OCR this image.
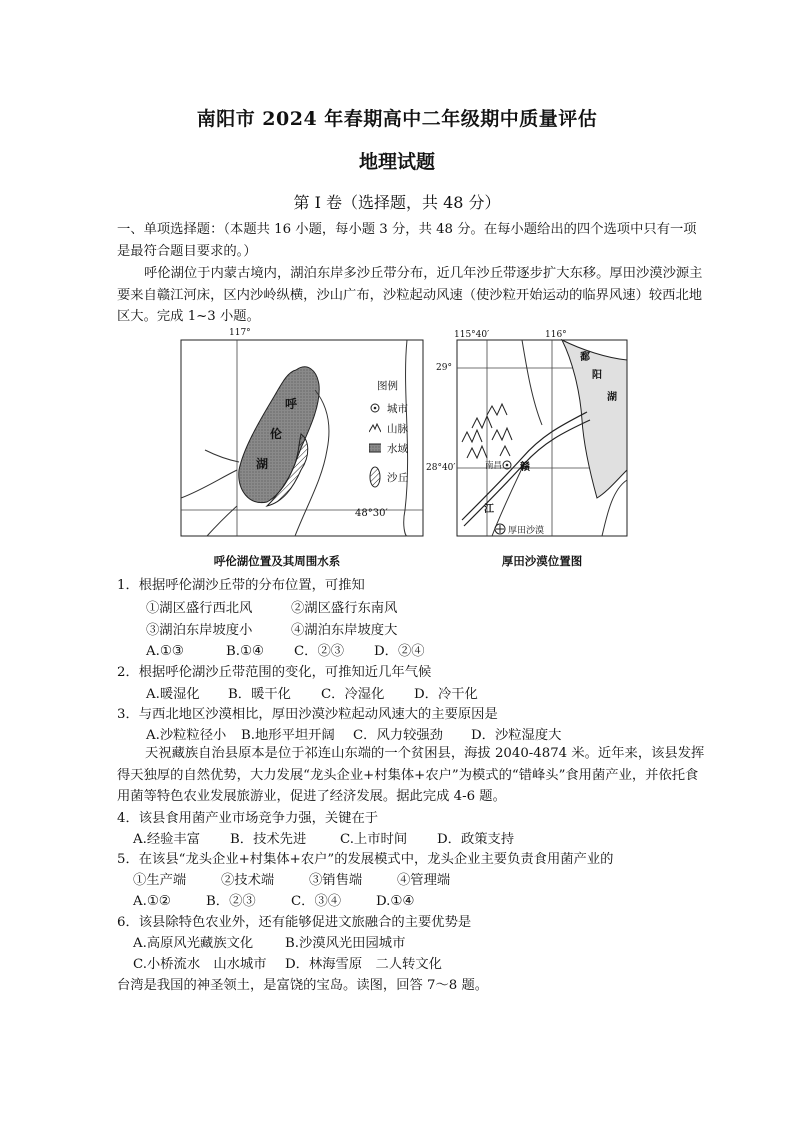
南阳市 2024 年春期高中二年级期中质量评估
地理试题
第 I 卷（选择题，共 48 分）
一、单项选择题：（本题共 16 小题，每小题 3 分，共 48 分。在每小题给出的四个选项中只有一项是最符合题目要求的。）
呼伦湖位于内蒙古境内，湖泊东岸多沙丘带分布，近几年沙丘带逐步扩大东移。厚田沙漠沙源主要来自赣江河床，区内沙岭纵横，沙山广布，沙粒起动风速（使沙粒开始运动的临界风速）较西北地区大。完成 1~3 小题。
117°
48°30′
呼
伦
湖
图例
城市
山脉
水域
沙丘
呼伦湖位置及其周围水系
115°40′	116°
29°
28°40′
鄱
阳
湖
南昌 赣
江
厚田沙漠
厚田沙漠位置图
1．根据呼伦湖沙丘带的分布位置，可推知
①湖区盛行西北风	②湖区盛行东南风
③湖泊东岸坡度小	④湖泊东岸坡度大
A.①③	B.①④ C．②③ D．②④
2．根据呼伦湖沙丘带范围的变化，可推知近几年气候
A.暖湿化 B．暖干化 C．冷湿化 D．冷干化
3．与西北地区沙漠相比，厚田沙漠沙粒起动风速大的主要原因是
A.沙粒粒径小 B.地形平坦开阔 C．风力较强劲 D．沙粒湿度大
天祝藏族自治县原本是位于祁连山东端的一个贫困县，海拔 2040-4874 米。近年来，该县发挥得天独厚的自然优势，大力发展“龙头企业+村集体+农户”为模式的“错峰头”食用菌产业，并依托食用菌等特色农业发展旅游业，促进了经济发展。据此完成 4-6 题。
4．该县食用菌产业市场竞争力强，关键在于
A.经验丰富 B．技术先进	C.上市时间 D．政策支持
5．在该县“龙头企业+村集体+农户”的发展模式中，龙头企业主要负责食用菌产业的
①生产端	②技术端	③销售端	④管理端
A.①②	B．②③	C．③④	D.①④
6．该县除特色农业外，还有能够促进文旅融合的主要优势是
A.高原风光藏族文化 B.沙漠风光田园城市
C.小桥流水　山水城市 D．林海雪原　二人转文化
台湾是我国的神圣领土，是富饶的宝岛。读图，回答 7～8 题。
